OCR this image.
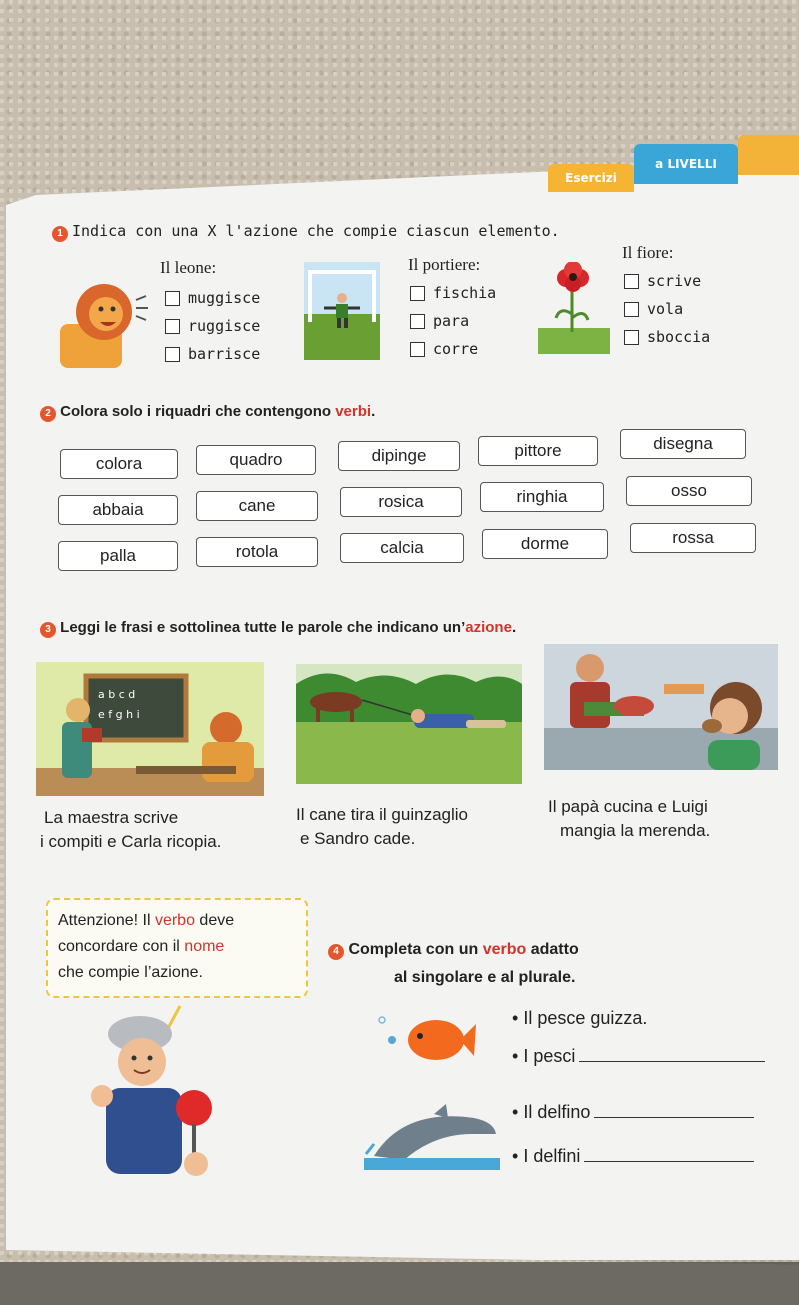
a LIVELLI
Esercizi
1 Indica con una X l'azione che compie ciascun elemento.
Il leone:	Il portiere:
Il fiore:
muggisce
ruggisce
barrisce
fischia
para
corre
scrive
vola
sboccia
2 Colora solo i riquadri che contengono verbi.
colora	quadro	dipinge	pittore	disegna
abbaia	cane	rosica	ringhia	osso
palla	rotola	calcia	dorme	rossa
3 Leggi le frasi e sottolinea tutte le parole che indicano un’azione.
a b c d
e f g h i
La maestra scrive
i compiti e Carla ricopia.
Il cane tira il guinzaglio
e Sandro cade.
Il papà cucina e Luigi
mangia la merenda.
Attenzione! Il verbo deve
concordare con il nome
che compie l’azione.
4 Completa con un verbo adatto
al singolare e al plurale.
• Il pesce guizza.
• I pesci
• Il delfino
• I delfini
